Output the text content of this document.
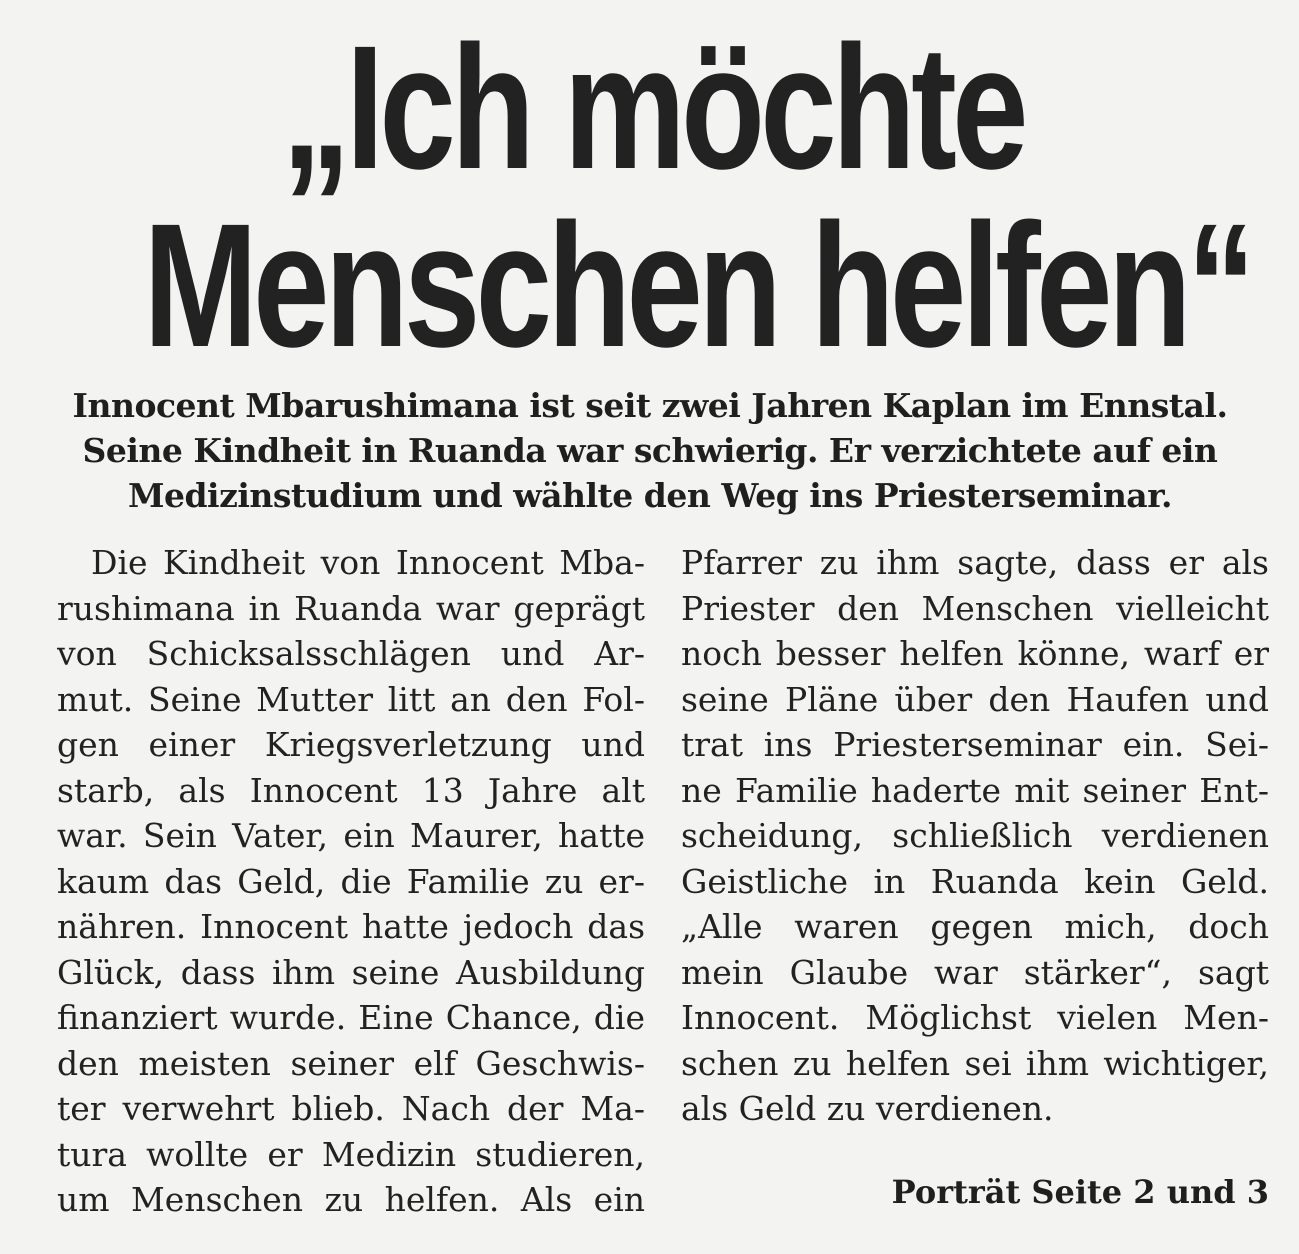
„Ich möchte
Menschen helfen“
Innocent Mbarushimana ist seit zwei Jahren Kaplan im Ennstal.
Seine Kindheit in Ruanda war schwierig. Er verzichtete auf ein
Medizinstudium und wählte den Weg ins Priesterseminar.
Die Kindheit von Innocent Mba-
rushimana in Ruanda war geprägt
von Schicksalsschlägen und Ar-
mut. Seine Mutter litt an den Fol-
gen einer Kriegsverletzung und
starb, als Innocent 13 Jahre alt
war. Sein Vater, ein Maurer, hatte
kaum das Geld, die Familie zu er-
nähren. Innocent hatte jedoch das
Glück, dass ihm seine Ausbildung
finanziert wurde. Eine Chance, die
den meisten seiner elf Geschwis-
ter verwehrt blieb. Nach der Ma-
tura wollte er Medizin studieren,
um Menschen zu helfen. Als ein
Pfarrer zu ihm sagte, dass er als
Priester den Menschen vielleicht
noch besser helfen könne, warf er
seine Pläne über den Haufen und
trat ins Priesterseminar ein. Sei-
ne Familie haderte mit seiner Ent-
scheidung, schließlich verdienen
Geistliche in Ruanda kein Geld.
„Alle waren gegen mich, doch
mein Glaube war stärker“, sagt
Innocent. Möglichst vielen Men-
schen zu helfen sei ihm wichtiger,
als Geld zu verdienen.
Porträt Seite 2 und 3
